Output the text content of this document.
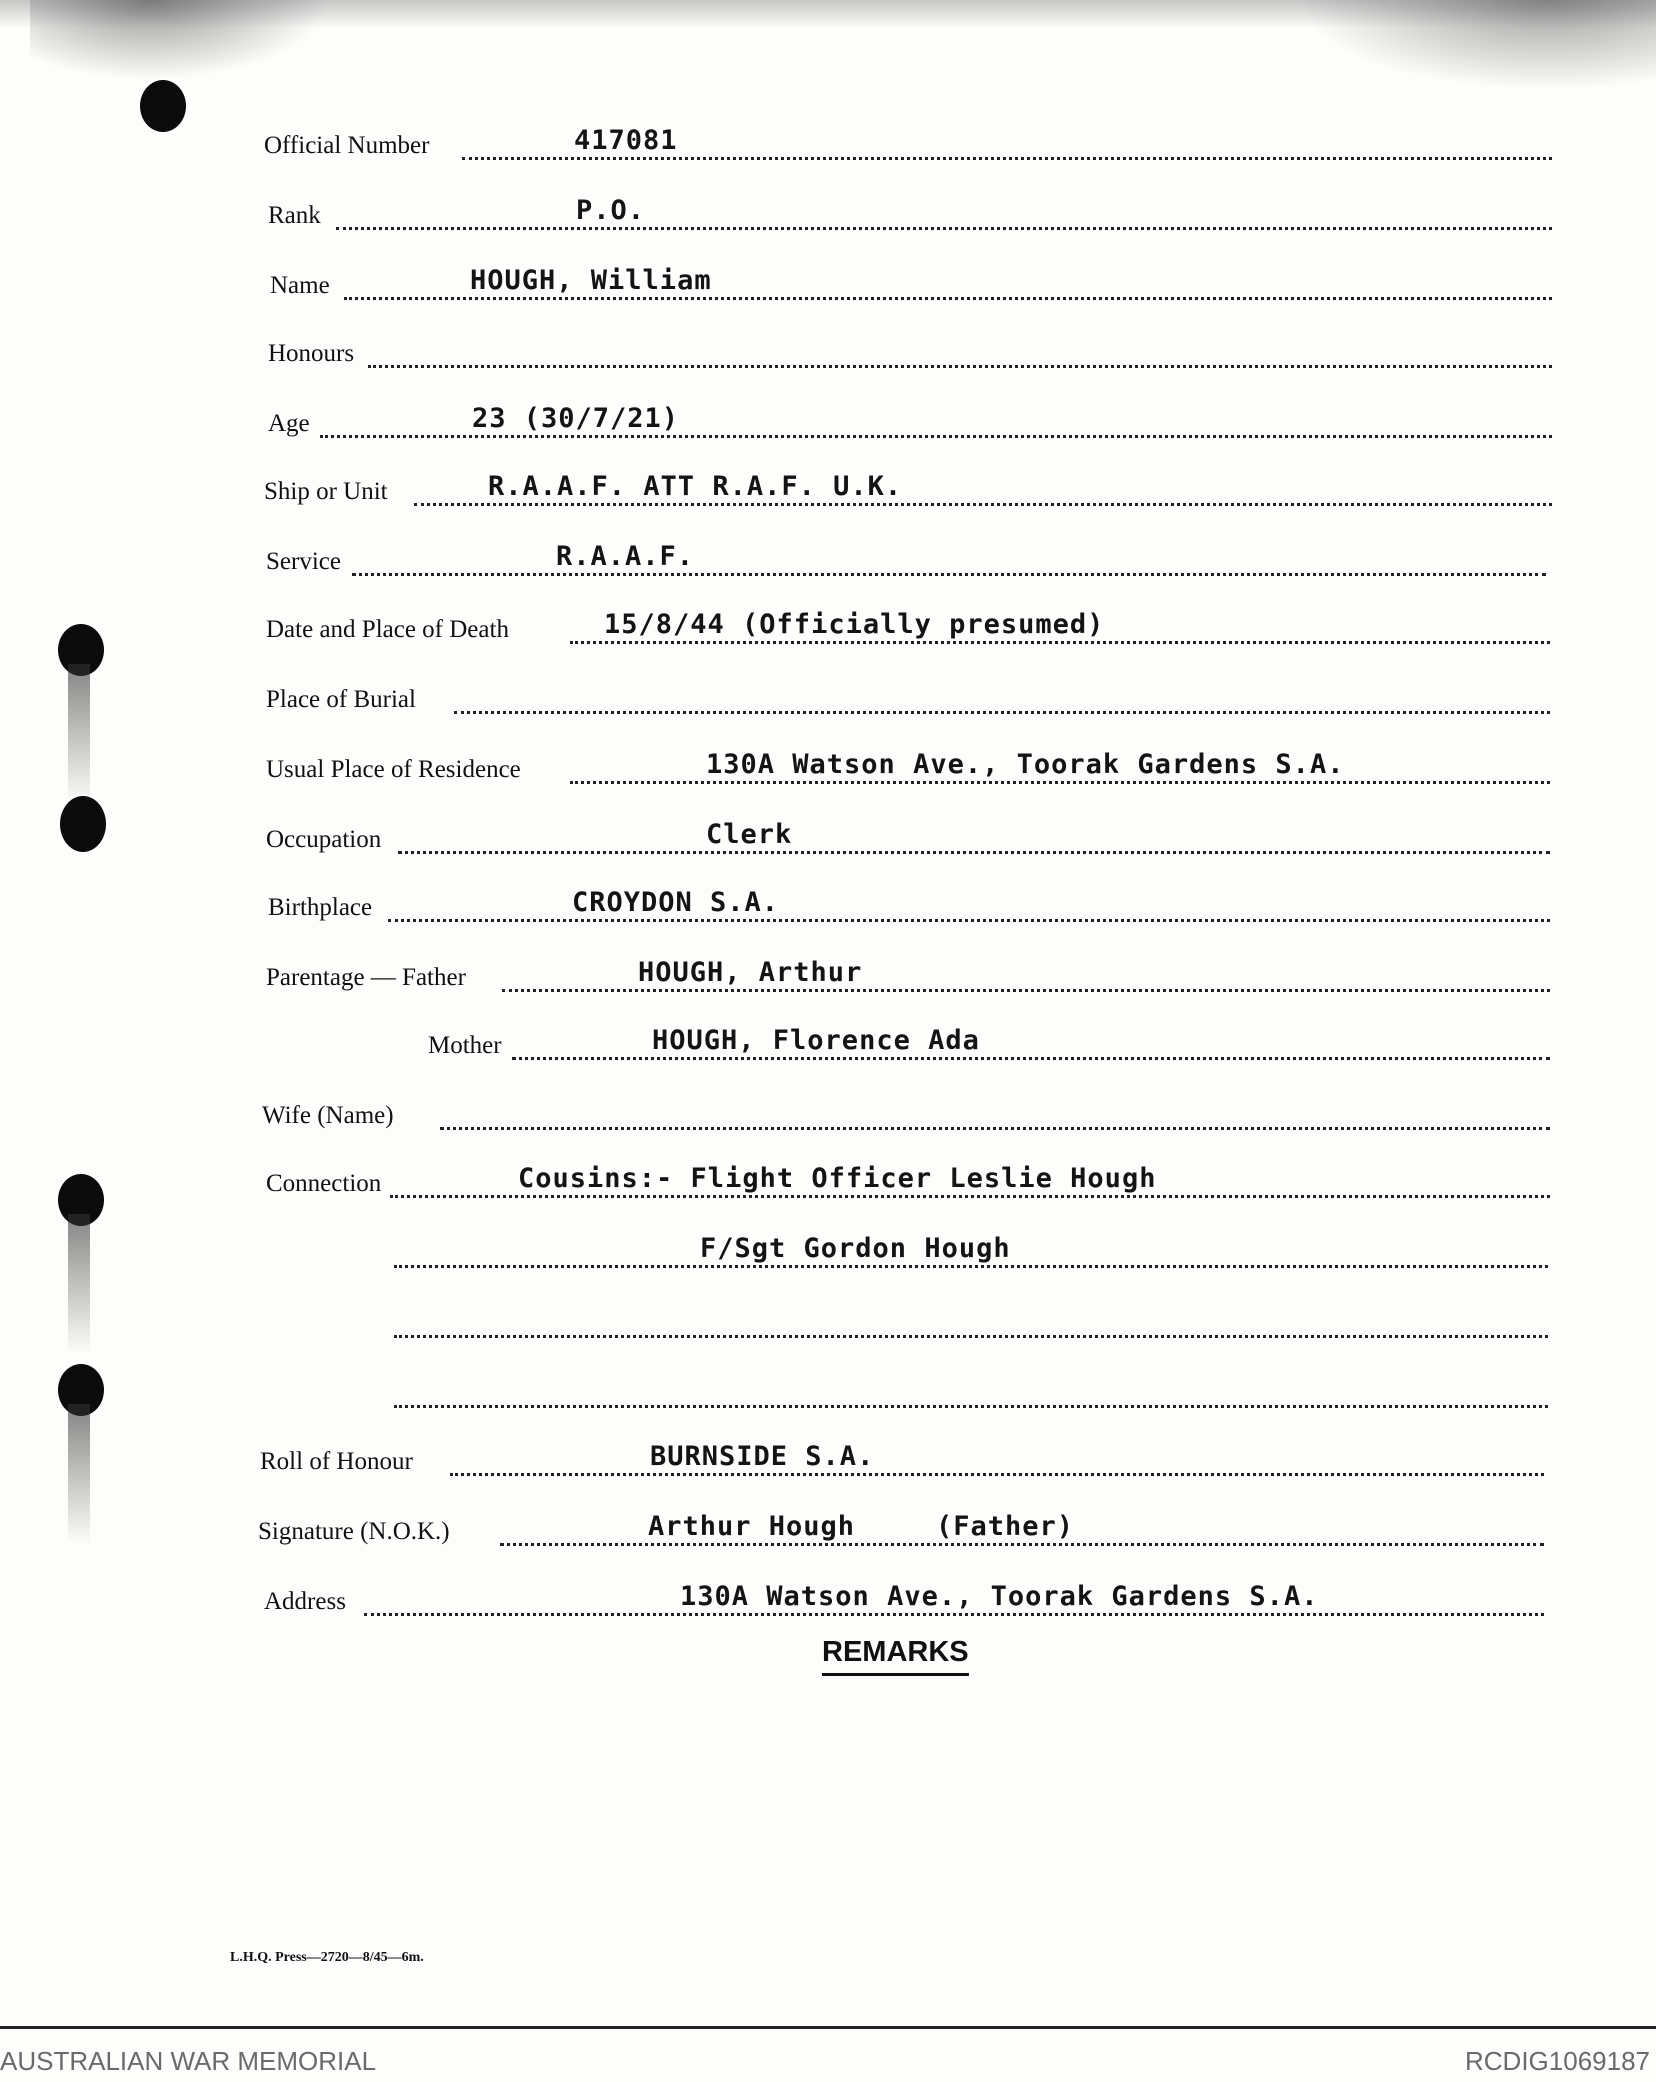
Official Number	417081
Rank	P.O.
Name	HOUGH, William
Honours
Age	23 (30/7/21)
Ship or Unit	R.A.A.F. ATT R.A.F. U.K.
Service	R.A.A.F.
Date and Place of Death	15/8/44 (Officially presumed)
Place of Burial
Usual Place of Residence	130A Watson Ave., Toorak Gardens S.A.
Occupation	Clerk
Birthplace	CROYDON S.A.
Parentage — Father	HOUGH, Arthur
Mother	HOUGH, Florence Ada
Wife (Name)
Connection	Cousins:- Flight Officer Leslie Hough
F/Sgt Gordon Hough
Roll of Honour	BURNSIDE S.A.
Signature (N.O.K.)	Arthur Hough	(Father)
Address	130A Watson Ave., Toorak Gardens S.A.
REMARKS
L.H.Q. Press—2720—8/45—6m.
AUSTRALIAN WAR MEMORIAL	RCDIG1069187
